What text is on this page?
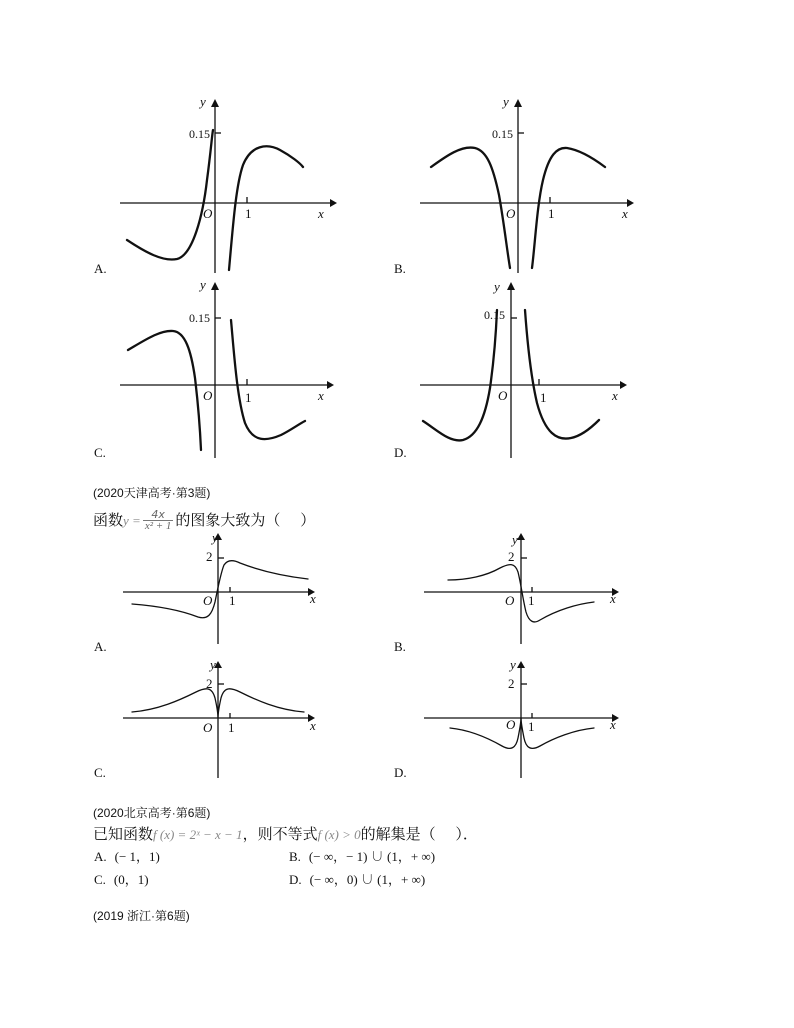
y
0.15
O	1	x
A.
y
0.15
O	1	x
B.
y
0.15
O	1	x
C.
y
0.15
O	1	x
D.
(2020天津高考·第3题)
函数$y = \frac{4x}{\text{x² + 1}}$ 的图象大致为（　 ）
y
2
O 1	x
A.
y
2
O 1	x
B.
y
2
O 1	x
C.
y
2
O 1	x
D.
(2020北京高考·第6题)
已知函数f (x) = 2ˣ − x − 1，则不等式f (x) > 0的解集是（　 ）．
A. (− 1，1)	B. (− ∞，− 1) ∪ (1，+ ∞)
C. (0，1)	D. (− ∞，0) ∪ (1，+ ∞)
(2019 浙江·第6题)
